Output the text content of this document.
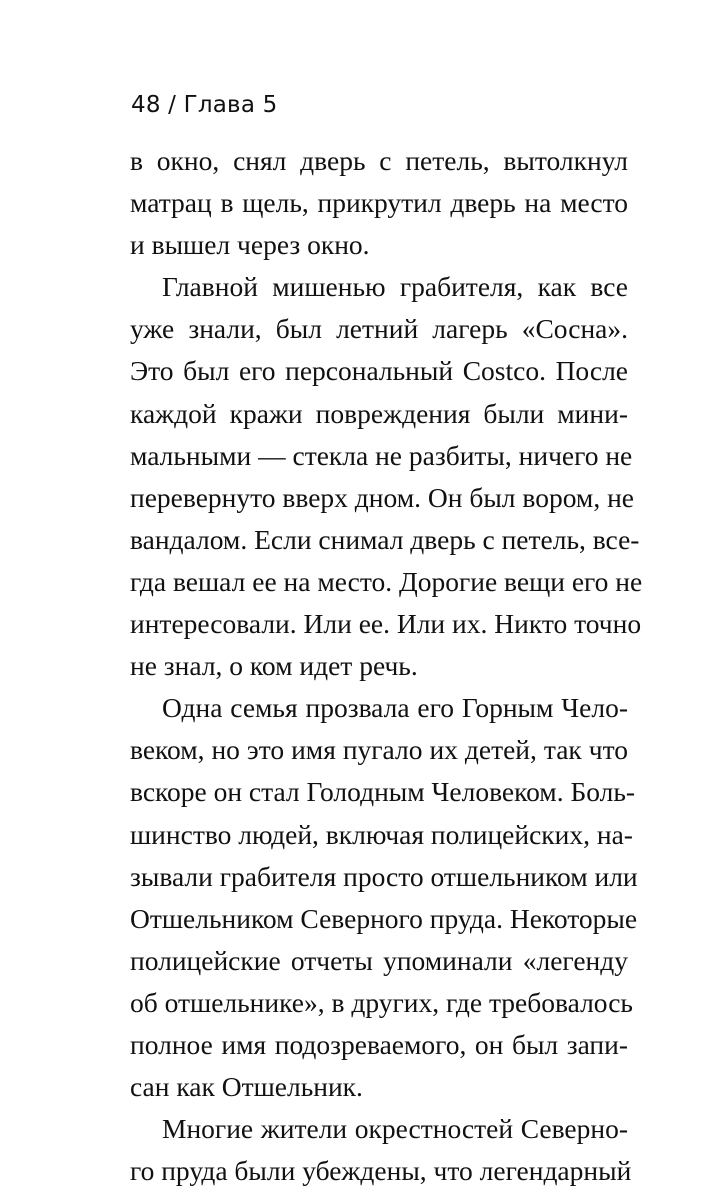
48 / Глава 5
в окно, снял дверь с петель, вытолкнул
матрац в щель, прикрутил дверь на место
и вышел через окно.
Главной мишенью грабителя, как все
уже знали, был летний лагерь «Сосна».
Это был его персональный Costco. После
каждой кражи повреждения были мини-
мальными — стекла не разбиты, ничего не
перевернуто вверх дном. Он был вором, не
вандалом. Если снимал дверь с петель, все-
гда вешал ее на место. Дорогие вещи его не
интересовали. Или ее. Или их. Никто точно
не знал, о ком идет речь.
Одна семья прозвала его Горным Чело-
веком, но это имя пугало их детей, так что
вскоре он стал Голодным Человеком. Боль-
шинство людей, включая полицейских, на-
зывали грабителя просто отшельником или
Отшельником Северного пруда. Некоторые
полицейские отчеты упоминали «легенду
об отшельнике», в других, где требовалось
полное имя подозреваемого, он был запи-
сан как Отшельник.
Многие жители окрестностей Северно-
го пруда были убеждены, что легендарный
